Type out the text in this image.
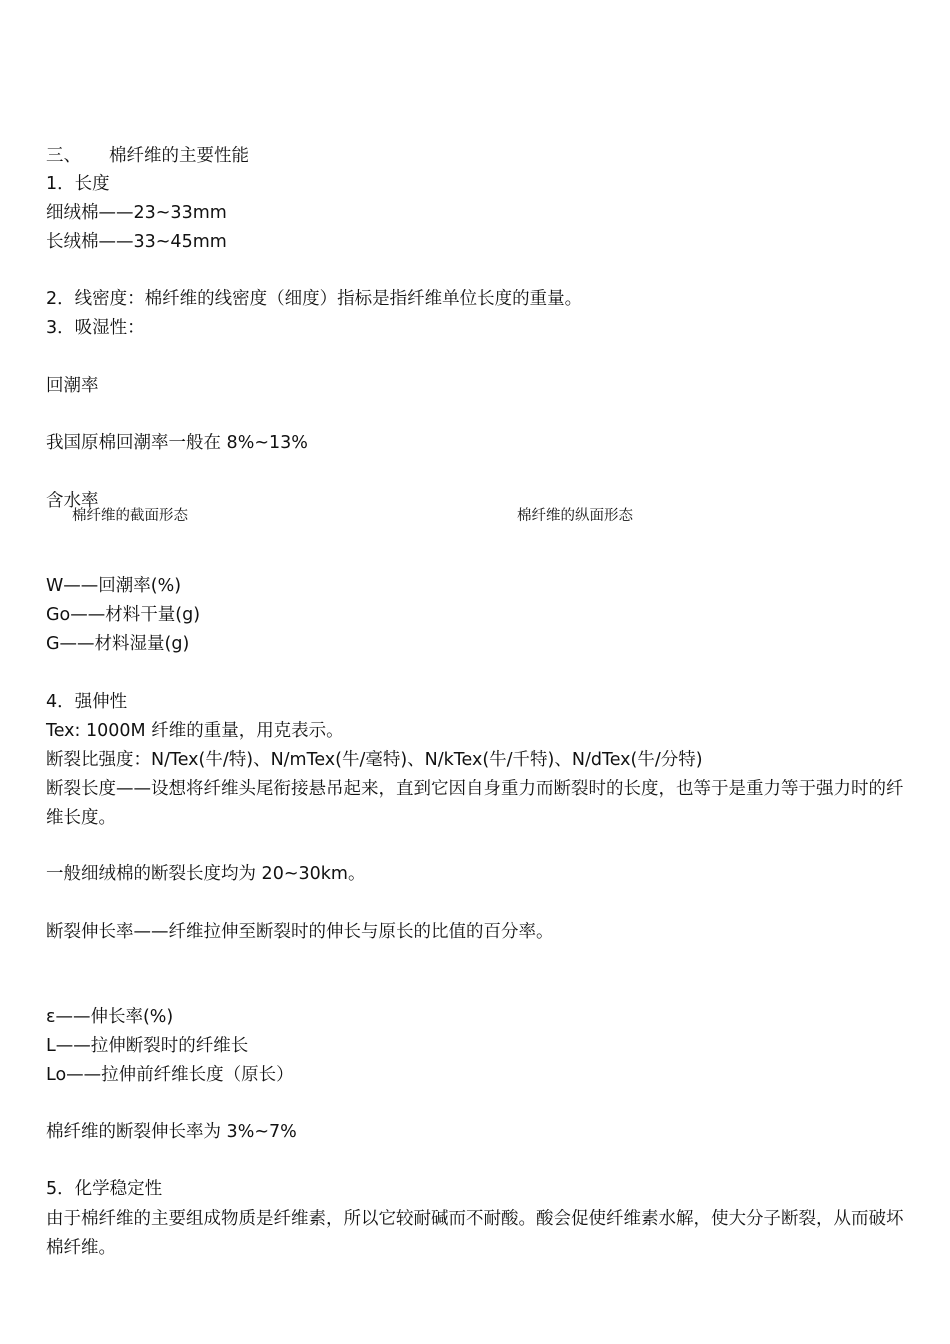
三、 棉纤维的主要性能

1．长度

细绒棉——23~33mm

长绒棉——33~45mm

2．线密度：棉纤维的线密度（细度）指标是指纤维单位长度的重量。

3．吸湿性：

回潮率

我国原棉回潮率一般在 8%~13%

含水率

棉纤维的截面形态	棉纤维的纵面形态

W——回潮率(%)

Go——材料干量(g)

G——材料湿量(g)

4．强伸性

Tex: 1000M 纤维的重量，用克表示。

断裂比强度：N/Tex(牛/特)、N/mTex(牛/毫特)、N/kTex(牛/千特)、N/dTex(牛/分特)

断裂长度——设想将纤维头尾衔接悬吊起来，直到它因自身重力而断裂时的长度，也等于是重力等于强力时的纤维长度。

一般细绒棉的断裂长度均为 20~30km。

断裂伸长率——纤维拉伸至断裂时的伸长与原长的比值的百分率。

ε——伸长率(%)

L——拉伸断裂时的纤维长

Lo——拉伸前纤维长度（原长）

棉纤维的断裂伸长率为 3%~7%

5．化学稳定性

由于棉纤维的主要组成物质是纤维素，所以它较耐碱而不耐酸。酸会促使纤维素水解，使大分子断裂，从而破坏棉纤维。
